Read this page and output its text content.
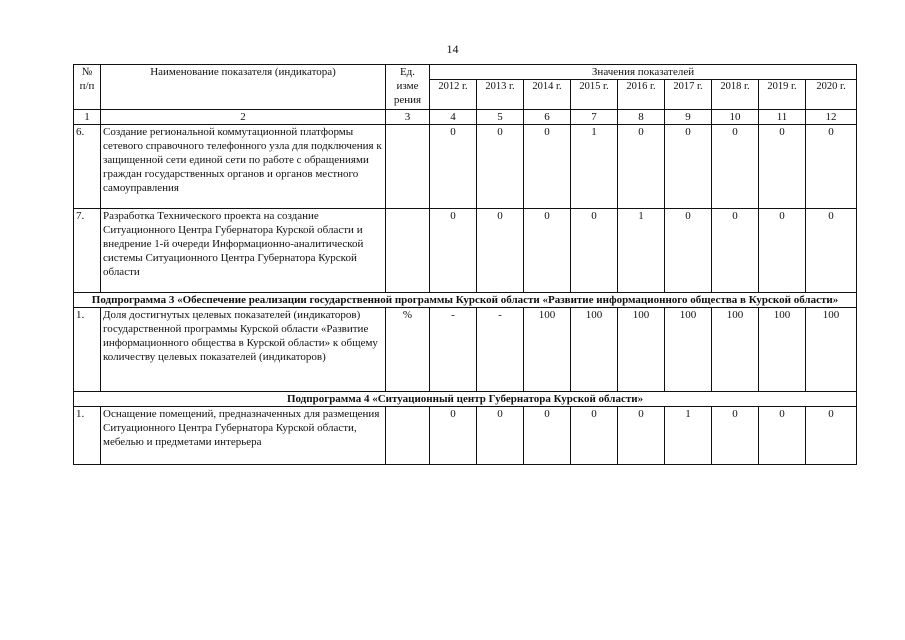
14
№ п/п	Наименование показателя (индикатора)	Ед. изме рения	Значения показателей								
			2012 г.	2013 г.	2014 г.	2015 г.	2016 г.	2017 г.	2018 г.	2019 г.	2020 г.
1	2	3	4	5	6	7	8	9	10	11	12
6.	Создание региональной коммутационной платформы сетевого справочного телефонного узла для подключения к защищенной сети единой сети по работе с обращениями граждан государственных органов и органов местного самоуправления		0	0	0	1	0	0	0	0	0
7.	Разработка Технического проекта на создание Ситуационного Центра Губернатора Курской области и внедрение 1-й очереди Информационно-аналитической системы Ситуационного Центра Губернатора Курской области		0	0	0	0	1	0	0	0	0
Подпрограмма 3 «Обеспечение реализации государственной программы Курской области «Развитие информационного общества в Курской области»											
1.	Доля достигнутых целевых показателей (индикаторов) государственной программы Курской области «Развитие информационного общества в Курской области» к общему количеству целевых показателей (индикаторов)	%	-	-	100	100	100	100	100	100	100
Подпрограмма 4 «Ситуационный центр Губернатора Курской области»											
1.	Оснащение помещений, предназначенных для размещения Ситуационного Центра Губернатора Курской области, мебелью и предметами интерьера		0	0	0	0	0	1	0	0	0
